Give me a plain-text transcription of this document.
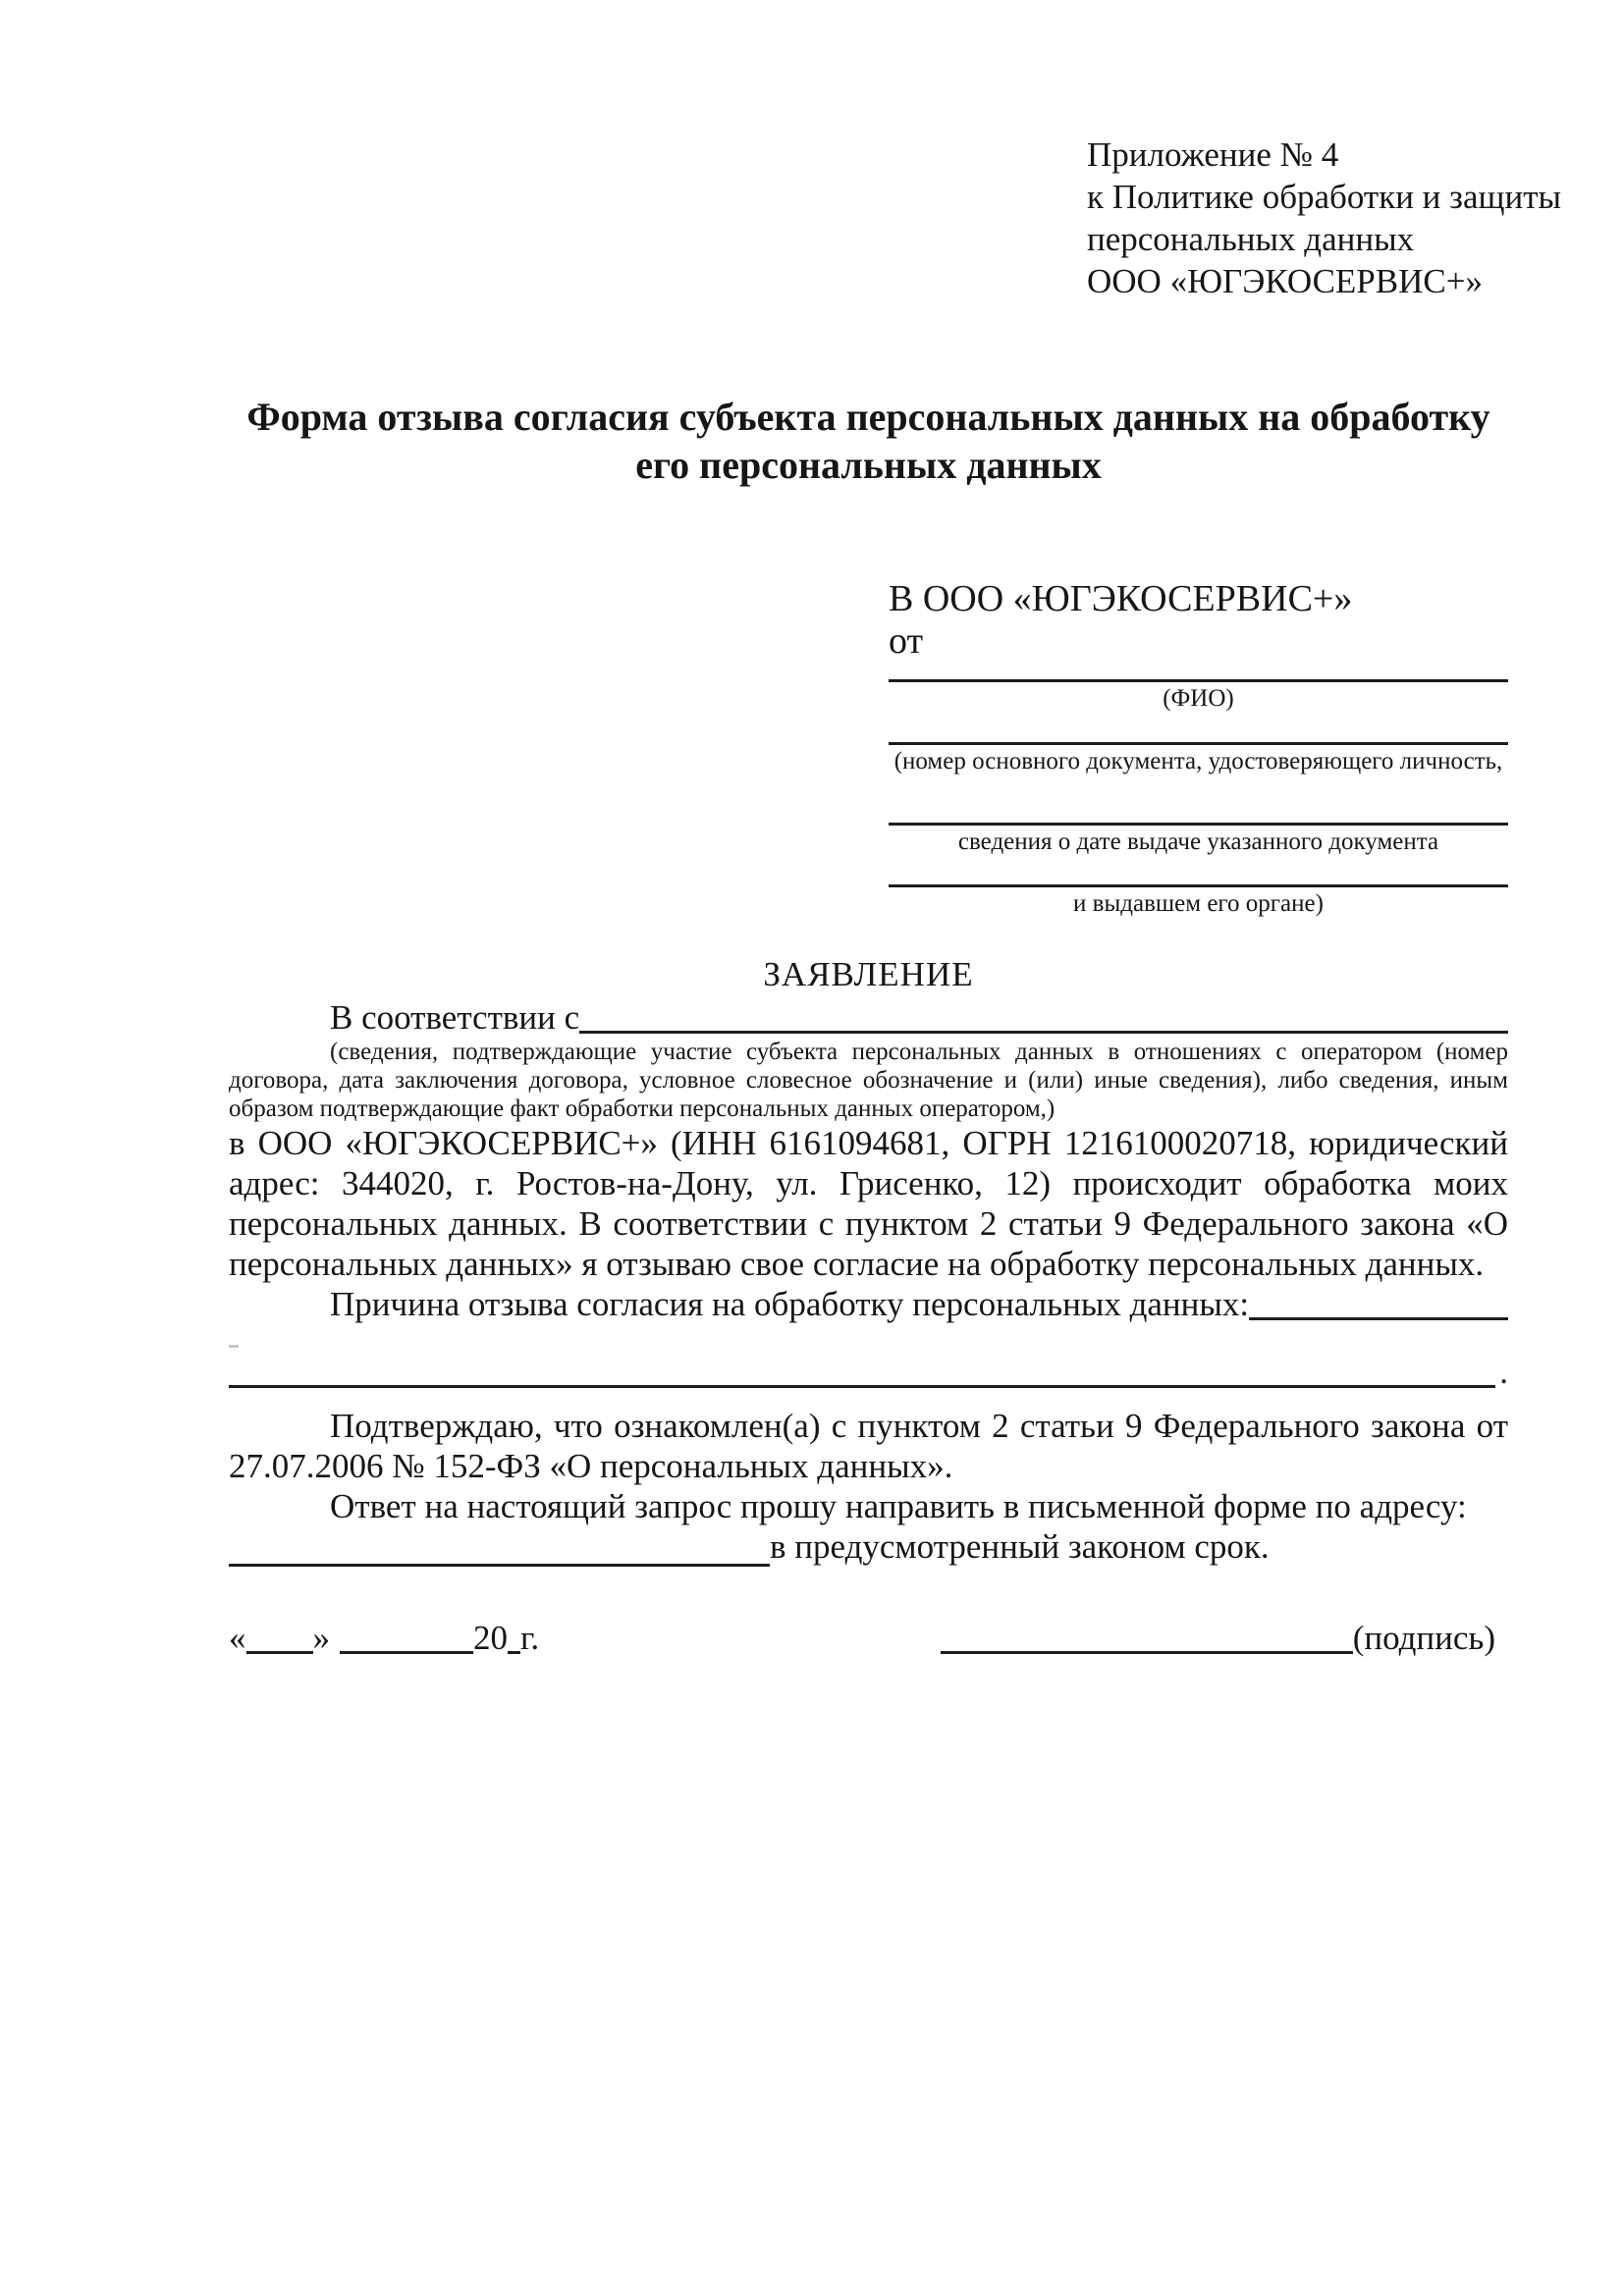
Приложение № 4
к Политике обработки и защиты
персональных данных
ООО «ЮГЭКОСЕРВИС+»
Форма отзыва согласия субъекта персональных данных на обработку его персональных данных
В ООО «ЮГЭКОСЕРВИС+»
от
(ФИО)
(номер основного документа, удостоверяющего личность,
сведения о дате выдаче указанного документа
и выдавшем его органе)
ЗАЯВЛЕНИЕ
В соответствии с
(сведения, подтверждающие участие субъекта персональных данных в отношениях с оператором (номер договора, дата заключения договора, условное словесное обозначение и (или) иные сведения), либо сведения, иным образом подтверждающие факт обработки персональных данных оператором,)
в ООО «ЮГЭКОСЕРВИС+» (ИНН 6161094681, ОГРН 1216100020718, юридический адрес: 344020, г. Ростов-на-Дону, ул. Грисенко, 12) происходит обработка моих персональных данных. В соответствии с пунктом 2 статьи 9 Федерального закона «О персональных данных» я отзываю свое согласие на обработку персональных данных.
Причина отзыва согласия на обработку персональных данных:
.
Подтверждаю, что ознакомлен(а) с пунктом 2 статьи 9 Федерального закона от 27.07.2006 № 152-ФЗ «О персональных данных».
Ответ на настоящий запрос прошу направить в письменной форме по адресу:
в предусмотренный законом срок.
« »	20 г.	(подпись)
